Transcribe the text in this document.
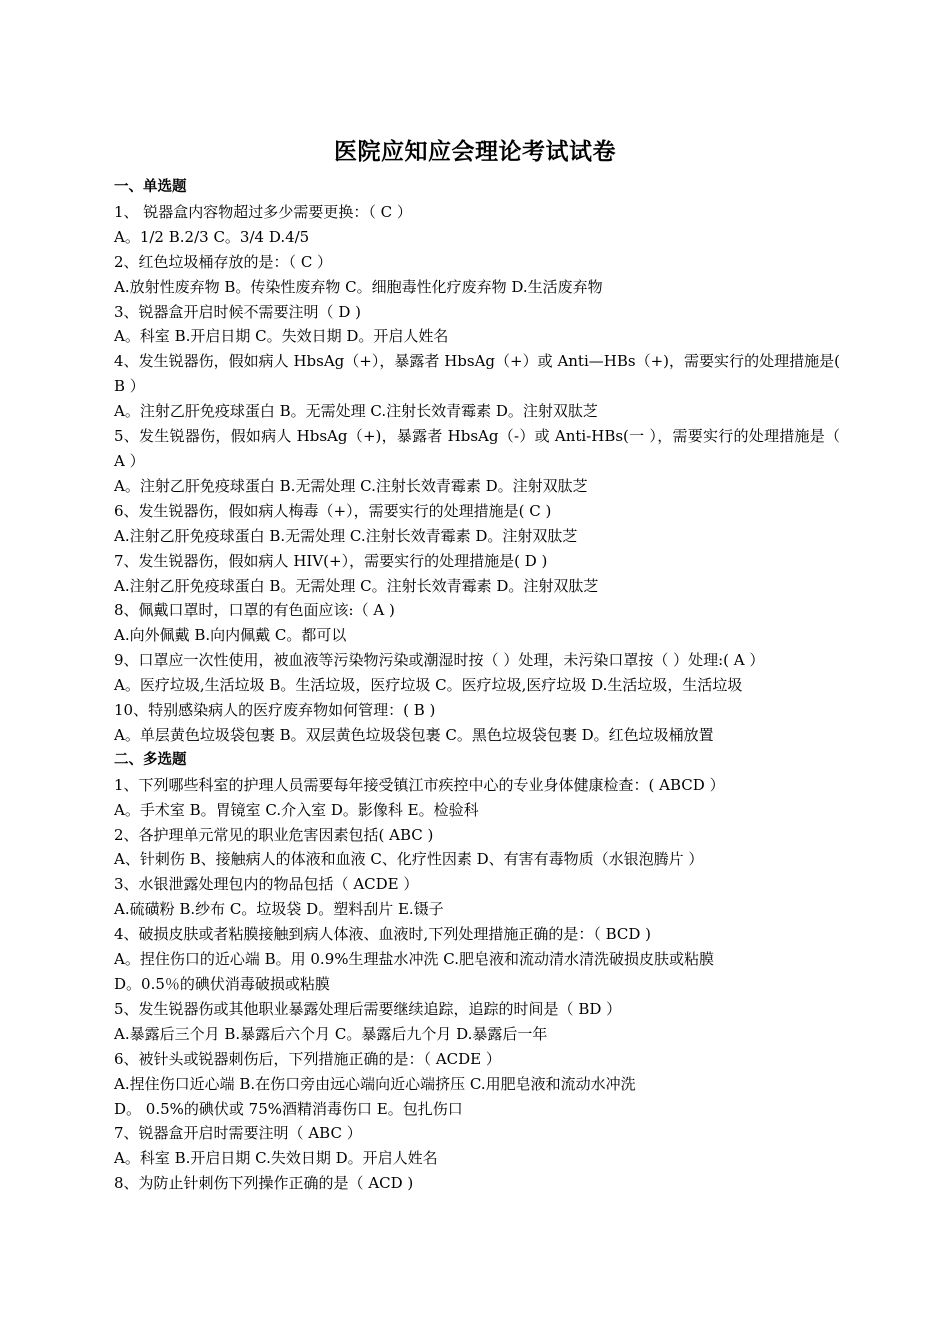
医院应知应会理论考试试卷
一、单选题
1、 锐器盒内容物超过多少需要更换：（ C ）
A。1/2 B.2/3 C。3/4 D.4/5
2、红色垃圾桶存放的是：（ C ）
A.放射性废弃物 B。传染性废弃物 C。细胞毒性化疗废弃物 D.生活废弃物
3、锐器盒开启时候不需要注明（ D )
A。科室 B.开启日期 C。失效日期 D。开启人姓名
4、发生锐器伤，假如病人 HbsAg（+），暴露者 HbsAg（+）或 Anti—HBs（+)，需要实行的处理措施是( B ）
A。注射乙肝免疫球蛋白 B。无需处理 C.注射长效青霉素 D。注射双肽芝
5、发生锐器伤，假如病人 HbsAg（+)，暴露者 HbsAg（-）或 Anti-HBs(一 ），需要实行的处理措施是（ A ）
A。注射乙肝免疫球蛋白 B.无需处理 C.注射长效青霉素 D。注射双肽芝
6、发生锐器伤，假如病人梅毒（+），需要实行的处理措施是( C )
A.注射乙肝免疫球蛋白 B.无需处理 C.注射长效青霉素 D。注射双肽芝
7、发生锐器伤，假如病人 HIV(+），需要实行的处理措施是( D )
A.注射乙肝免疫球蛋白 B。无需处理 C。注射长效青霉素 D。注射双肽芝
8、佩戴口罩时，口罩的有色面应该:（ A )
A.向外佩戴 B.向内佩戴 C。都可以
9、口罩应一次性使用，被血液等污染物污染或潮湿时按（ ）处理，未污染口罩按（ ）处理:( A ）
A。医疗垃圾,生活垃圾 B。生活垃圾，医疗垃圾 C。医疗垃圾,医疗垃圾 D.生活垃圾，生活垃圾
10、特别感染病人的医疗废弃物如何管理：( B )
A。单层黄色垃圾袋包裹 B。双层黄色垃圾袋包裹 C。黑色垃圾袋包裹 D。红色垃圾桶放置
二、多选题
1、下列哪些科室的护理人员需要每年接受镇江市疾控中心的专业身体健康检查：( ABCD ）
A。手术室 B。胃镜室 C.介入室 D。影像科 E。检验科
2、各护理单元常见的职业危害因素包括( ABC )
A、针刺伤 B、接触病人的体液和血液 C、化疗性因素 D、有害有毒物质（水银泡腾片 ）
3、水银泄露处理包内的物品包括（ ACDE ）
A.硫磺粉 B.纱布 C。垃圾袋 D。塑料刮片 E.镊子
4、破损皮肤或者粘膜接触到病人体液、血液时,下列处理措施正确的是：（ BCD )
A。捏住伤口的近心端 B。用 0.9%生理盐水冲洗 C.肥皂液和流动清水清洗破损皮肤或粘膜
D。0.5％的碘伏消毒破损或粘膜
5、发生锐器伤或其他职业暴露处理后需要继续追踪，追踪的时间是（ BD ）
A.暴露后三个月 B.暴露后六个月 C。暴露后九个月 D.暴露后一年
6、被针头或锐器刺伤后，下列措施正确的是：（ ACDE ）
A.捏住伤口近心端 B.在伤口旁由远心端向近心端挤压 C.用肥皂液和流动水冲洗
D。 0.5%的碘伏或 75%酒精消毒伤口 E。包扎伤口
7、锐器盒开启时需要注明（ ABC ）
A。科室 B.开启日期 C.失效日期 D。开启人姓名
8、为防止针刺伤下列操作正确的是（ ACD )
